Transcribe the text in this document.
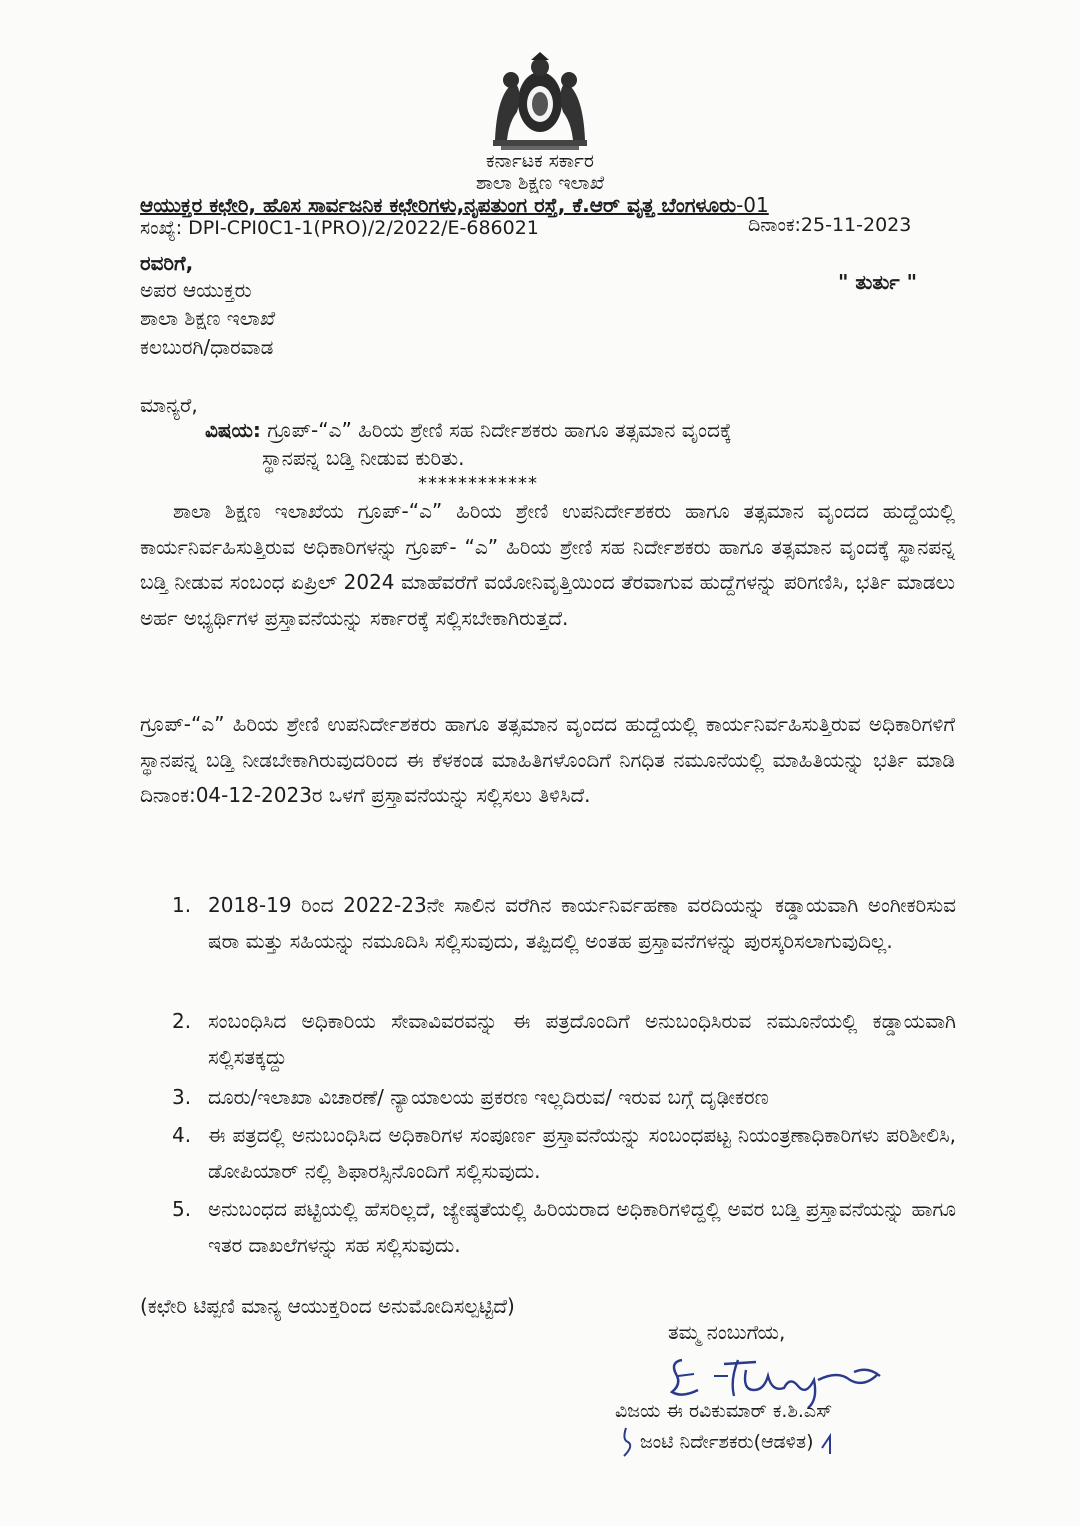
ಕರ್ನಾಟಕ ಸರ್ಕಾರ
ಶಾಲಾ ಶಿಕ್ಷಣ ಇಲಾಖೆ
ಆಯುಕ್ತರ ಕಛೇರಿ, ಹೊಸ ಸಾರ್ವಜನಿಕ ಕಛೇರಿಗಳು,ನೃಪತುಂಗ ರಸ್ತೆ, ಕೆ.ಆರ್ ವೃತ್ತ ಬೆಂಗಳೂರು-01
ಸಂಖ್ಯೆ: DPI-CPI0C1-1(PRO)/2/2022/E-686021	ದಿನಾಂಕ:25-11-2023
ರವರಿಗೆ,
" ತುರ್ತು "
ಅಪರ ಆಯುಕ್ತರು
ಶಾಲಾ ಶಿಕ್ಷಣ ಇಲಾಖೆ
ಕಲಬುರಗಿ/ಧಾರವಾಡ
ಮಾನ್ಯರೆ,
ವಿಷಯ: ಗ್ರೂಪ್-“ಎ” ಹಿರಿಯ ಶ್ರೇಣಿ ಸಹ ನಿರ್ದೇಶಕರು ಹಾಗೂ ತತ್ಸಮಾನ ವೃಂದಕ್ಕೆ
ಸ್ಥಾನಪನ್ನ ಬಡ್ತಿ ನೀಡುವ ಕುರಿತು.
************
ಶಾಲಾ ಶಿಕ್ಷಣ ಇಲಾಖೆಯ ಗ್ರೂಪ್-“ಎ” ಹಿರಿಯ ಶ್ರೇಣಿ ಉಪನಿರ್ದೇಶಕರು ಹಾಗೂ ತತ್ಸಮಾನ ವೃಂದದ ಹುದ್ದೆಯಲ್ಲಿ ಕಾರ್ಯನಿರ್ವಹಿಸುತ್ತಿರುವ ಅಧಿಕಾರಿಗಳನ್ನು ಗ್ರೂಪ್- “ಎ” ಹಿರಿಯ ಶ್ರೇಣಿ ಸಹ ನಿರ್ದೇಶಕರು ಹಾಗೂ ತತ್ಸಮಾನ ವೃಂದಕ್ಕೆ ಸ್ಥಾನಪನ್ನ ಬಡ್ತಿ ನೀಡುವ ಸಂಬಂಧ ಏಪ್ರಿಲ್ 2024 ಮಾಹೆವರೆಗೆ ವಯೋನಿವೃತ್ತಿಯಿಂದ ತೆರವಾಗುವ ಹುದ್ದೆಗಳನ್ನು ಪರಿಗಣಿಸಿ, ಭರ್ತಿ ಮಾಡಲು ಅರ್ಹ ಅಭ್ಯರ್ಥಿಗಳ ಪ್ರಸ್ತಾವನೆಯನ್ನು ಸರ್ಕಾರಕ್ಕೆ ಸಲ್ಲಿಸಬೇಕಾಗಿರುತ್ತದೆ.
ಗ್ರೂಪ್-“ಎ” ಹಿರಿಯ ಶ್ರೇಣಿ ಉಪನಿರ್ದೇಶಕರು ಹಾಗೂ ತತ್ಸಮಾನ ವೃಂದದ ಹುದ್ದೆಯಲ್ಲಿ ಕಾರ್ಯನಿರ್ವಹಿಸುತ್ತಿರುವ ಅಧಿಕಾರಿಗಳಿಗೆ ಸ್ಥಾನಪನ್ನ ಬಡ್ತಿ ನೀಡಬೇಕಾಗಿರುವುದರಿಂದ ಈ ಕೆಳಕಂಡ ಮಾಹಿತಿಗಳೊಂದಿಗೆ ನಿಗಧಿತ ನಮೂನೆಯಲ್ಲಿ ಮಾಹಿತಿಯನ್ನು ಭರ್ತಿ ಮಾಡಿ ದಿನಾಂಕ:04-12-2023ರ ಒಳಗೆ ಪ್ರಸ್ತಾವನೆಯನ್ನು ಸಲ್ಲಿಸಲು ತಿಳಿಸಿದೆ.
1. 2018-19 ರಿಂದ 2022-23ನೇ ಸಾಲಿನ ವರೆಗಿನ ಕಾರ್ಯನಿರ್ವಹಣಾ ವರದಿಯನ್ನು ಕಡ್ಡಾಯವಾಗಿ ಅಂಗೀಕರಿಸುವ ಷರಾ ಮತ್ತು ಸಹಿಯನ್ನು ನಮೂದಿಸಿ ಸಲ್ಲಿಸುವುದು, ತಪ್ಪಿದಲ್ಲಿ ಅಂತಹ ಪ್ರಸ್ತಾವನೆಗಳನ್ನು ಪುರಸ್ಕರಿಸಲಾಗುವುದಿಲ್ಲ.
2. ಸಂಬಂಧಿಸಿದ ಅಧಿಕಾರಿಯ ಸೇವಾವಿವರವನ್ನು ಈ ಪತ್ರದೊಂದಿಗೆ ಅನುಬಂಧಿಸಿರುವ ನಮೂನೆಯಲ್ಲಿ ಕಡ್ಡಾಯವಾಗಿ ಸಲ್ಲಿಸತಕ್ಕದ್ದು
3. ದೂರು/ಇಲಾಖಾ ವಿಚಾರಣೆ/ ನ್ಯಾಯಾಲಯ ಪ್ರಕರಣ ಇಲ್ಲದಿರುವ/ ಇರುವ ಬಗ್ಗೆ ದೃಢೀಕರಣ
4. ಈ ಪತ್ರದಲ್ಲಿ ಅನುಬಂಧಿಸಿದ ಅಧಿಕಾರಿಗಳ ಸಂಪೂರ್ಣ ಪ್ರಸ್ತಾವನೆಯನ್ನು ಸಂಬಂಧಪಟ್ಟ ನಿಯಂತ್ರಣಾಧಿಕಾರಿಗಳು ಪರಿಶೀಲಿಸಿ, ಡೋಪಿಯಾರ್ ನಲ್ಲಿ ಶಿಫಾರಸ್ಸಿನೊಂದಿಗೆ ಸಲ್ಲಿಸುವುದು.
5. ಅನುಬಂಧದ ಪಟ್ಟಿಯಲ್ಲಿ ಹೆಸರಿಲ್ಲದೆ, ಜ್ಯೇಷ್ಠತೆಯಲ್ಲಿ ಹಿರಿಯರಾದ ಅಧಿಕಾರಿಗಳಿದ್ದಲ್ಲಿ ಅವರ ಬಡ್ತಿ ಪ್ರಸ್ತಾವನೆಯನ್ನು ಹಾಗೂ ಇತರ ದಾಖಲೆಗಳನ್ನು ಸಹ ಸಲ್ಲಿಸುವುದು.
(ಕಛೇರಿ ಟಿಪ್ಪಣಿ ಮಾನ್ಯ ಆಯುಕ್ತರಿಂದ ಅನುಮೋದಿಸಲ್ಪಟ್ಟಿದೆ)
ತಮ್ಮ ನಂಬುಗೆಯ,
ವಿಜಯ ಈ ರವಿಕುಮಾರ್ ಕ.ಶಿ.ಎಸ್
ಜಂಟಿ ನಿರ್ದೇಶಕರು(ಆಡಳಿತ)
